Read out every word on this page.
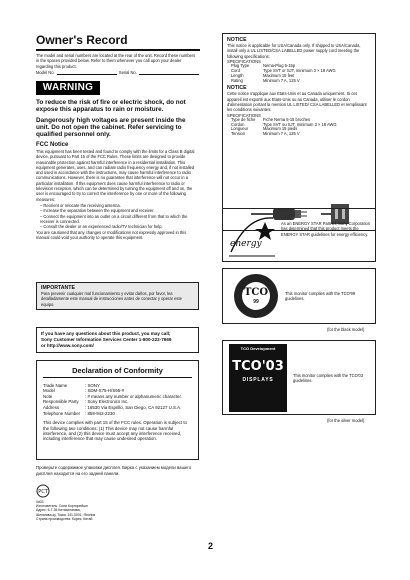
Owner's Record

The model and serial numbers are located at the rear of the unit. Record these numbers in the spaces provided below. Refer to them whenever you call upon your dealer regarding this product.

Model No.	Serial No.
WARNING

To reduce the risk of fire or electric shock, do not expose this apparatus to rain or moisture.

Dangerously high voltages are present inside the unit. Do not open the cabinet. Refer servicing to qualified personnel only.

FCC Notice

This equipment has been tested and found to comply with the limits for a Class B digital device, pursuant to Part 15 of the FCC Rules. These limits are designed to provide reasonable protection against harmful interference in a residential installation. This equipment generates, uses, and can radiate radio frequency energy and, if not installed and used in accordance with the instructions, may cause harmful interference to radio communications. However, there is no guarantee that interference will not occur in a particular installation. If this equipment does cause harmful interference to radio or television reception, which can be determined by turning the equipment off and on, the user is encouraged to try to correct the interference by one or more of the following measures:

– Reorient or relocate the receiving antenna.
– Increase the separation between the equipment and receiver.
– Connect the equipment into an outlet on a circuit different from that to which the receiver is connected.
– Consult the dealer or an experienced radio/TV technician for help.

You are cautioned that any changes or modifications not expressly approved in this manual could void your authority to operate this equipment.

IMPORTANTE
Para prevenir cualquier mal funcionamiento y evitar daños, por favor, lea detalladamente este manual de instrucciones antes de conectar y operar este equipo.
If you have any questions about this product, you may call;
Sony Customer Information Services Center 1-800-222-7669
or http://www.sony.com/
Declaration of Conformity
Trade Name	: SONY
Model	: SDM-S75-H/S95-#
Note	: # means any number or alphanumeric character.
Responsible Party	: Sony Electronics Inc.
Address	: 16530 Via Esprillo, San Diego, CA 92127 U.S.A.
Telephone Number	: 858-942-2230
This device complies with part 15 of the FCC rules. Operation is subject to the following two conditions: (1) This device may not cause harmful interference, and (2) this device must accept any interference received, including interference that may cause undesired operation.
Проверьте содержимое упаковки дисплея. Бирка с указанием модели вашего дисплея находится на его задней панели.
PCT
0d03
Изготовитель: Сони Корпорейшн
Адрес: 6-7-35 Китасинагава,
Шинагава-ку, Токио 141-0001, Япония
Страна производства: Корея, Китай
2
NOTICE
This notice is applicable for USA/Canada only. If shipped to USA/Canada, install only a UL LISTED/CSA LABELLED power supply cord meeting the following specifications:
SPECIFICATIONS
Plug Type	Nema-Plug 5-15p
Cord	Type SVT or SJT, minimum 3 × 18 AWG
Length	Maximum 15 feet
Rating	Minimum 7 A, 125 V
NOTICE
Cette notice s'applique aux Etats-Unis et au Canada uniquement. Si cet appareil est exporté aux Etats-Unis ou au Canada, utiliser le cordon d'alimentation portant la mention UL LISTED/ CSA LABELLED et remplissant les conditions suivantes:
SPECIFICATIONS
Type de fiche	Fiche Nema 5-15 broches
Cordon	Type SVT ou SJT, minimum 3 × 18 AWG
Longueur	Maximum 15 pieds
Tension	Minimum 7 A, 125 V
energy
As an ENERGY STAR Partner, Sony Corporation has determined that this product meets the ENERGY STAR guidelines for energy efficiency.
TCO
99
This monitor complies with the TCO'99 guidelines.
(for the black model)
TCO Development
TCO'03
DISPLAYS
This monitor complies with the TCO'03 guidelines.
(for the silver model)
